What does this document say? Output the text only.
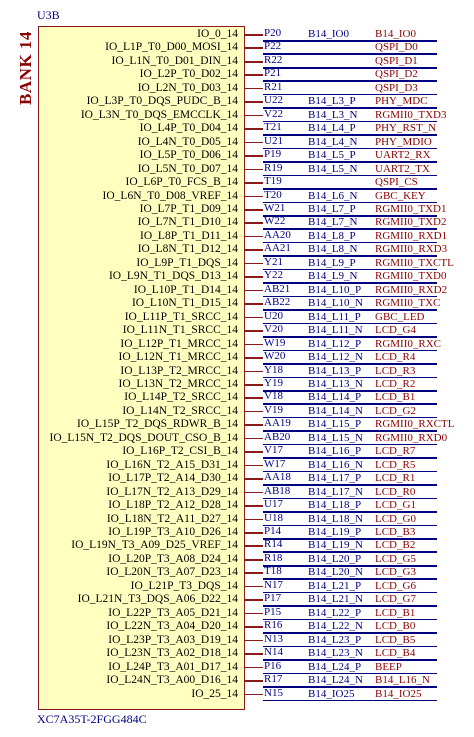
U3B
BANK 14	IO_0_14 P20 B14_IO0 B14_IO0
IO_L1P_T0_D00_MOSI_14 P22	QSPI_D0
IO_L1N_T0_D01_DIN_14 R22	QSPI_D1
IO_L2P_T0_D02_14 P21	QSPI_D2
IO_L2N_T0_D03_14 R21	QSPI_D3
IO_L3P_T0_DQS_PUDC_B_14 U22 B14_L3_P PHY_MDC
IO_L3N_T0_DQS_EMCCLK_14 V22 B14_L3_N RGMII0_TXD3
IO_L4P_T0_D04_14 T21 B14_L4_P PHY_RST_N
IO_L4N_T0_D05_14 U21 B14_L4_N PHY_MDIO
IO_L5P_T0_D06_14 P19 B14_L5_P UART2_RX
IO_L5N_T0_D07_14 R19 B14_L5_N UART2_TX
IO_L6P_T0_FCS_B_14 T19	QSPI_CS
IO_L6N_T0_D08_VREF_14 T20 B14_L6_N GBC_KEY
IO_L7P_T1_D09_14 W21 B14_L7_P RGMII0_TXD1
IO_L7N_T1_D10_14 W22 B14_L7_N RGMII0_TXD2
IO_L8P_T1_D11_14 AA20 B14_L8_P RGMII0_RXD1
IO_L8N_T1_D12_14 AA21 B14_L8_N RGMII0_RXD3
IO_L9P_T1_DQS_14 Y21 B14_L9_P RGMII0_TXCTL
IO_L9N_T1_DQS_D13_14 Y22 B14_L9_N RGMII0_TXD0
IO_L10P_T1_D14_14 AB21 B14_L10_P RGMII0_RXD2
IO_L10N_T1_D15_14 AB22 B14_L10_N RGMII0_TXC
IO_L11P_T1_SRCC_14 U20 B14_L11_P GBC_LED
IO_L11N_T1_SRCC_14 V20 B14_L11_N LCD_G4
IO_L12P_T1_MRCC_14 W19 B14_L12_P RGMII0_RXC
IO_L12N_T1_MRCC_14 W20 B14_L12_N LCD_R4
IO_L13P_T2_MRCC_14 Y18 B14_L13_P LCD_R3
IO_L13N_T2_MRCC_14 Y19 B14_L13_N LCD_R2
IO_L14P_T2_SRCC_14 V18 B14_L14_P LCD_B1
IO_L14N_T2_SRCC_14 V19 B14_L14_N LCD_G2
IO_L15P_T2_DQS_RDWR_B_14 AA19 B14_L15_P RGMII0_RXCTL
IO_L15N_T2_DQS_DOUT_CSO_B_14 AB20 B14_L15_N RGMII0_RXD0
IO_L16P_T2_CSI_B_14 V17 B14_L16_P LCD_R7
IO_L16N_T2_A15_D31_14 W17 B14_L16_N LCD_R5
IO_L17P_T2_A14_D30_14 AA18 B14_L17_P LCD_R1
IO_L17N_T2_A13_D29_14 AB18 B14_L17_N LCD_R0
IO_L18P_T2_A12_D28_14 U17 B14_L18_P LCD_G1
IO_L18N_T2_A11_D27_14 U18 B14_L18_N LCD_G0
IO_L19P_T3_A10_D26_14 P14 B14_L19_P LCD_B3
IO_L19N_T3_A09_D25_VREF_14 R14 B14_L19_N LCD_B2
IO_L20P_T3_A08_D24_14 R18 B14_L20_P LCD_G5
IO_L20N_T3_A07_D23_14 T18 B14_L20_N LCD_G3
IO_L21P_T3_DQS_14 N17 B14_L21_P LCD_G6
IO_L21N_T3_DQS_A06_D22_14 P17 B14_L21_N LCD_G7
IO_L22P_T3_A05_D21_14 P15 B14_L22_P LCD_B1
IO_L22N_T3_A04_D20_14 R16 B14_L22_N LCD_B0
IO_L23P_T3_A03_D19_14 N13 B14_L23_P LCD_B5
IO_L23N_T3_A02_D18_14 N14 B14_L23_N LCD_B4
IO_L24P_T3_A01_D17_14 P16 B14_L24_P BEEP
IO_L24N_T3_A00_D16_14 R17 B14_L24_N B14_L16_N
IO_25_14 N15 B14_IO25 B14_IO25
XC7A35T-2FGG484C
